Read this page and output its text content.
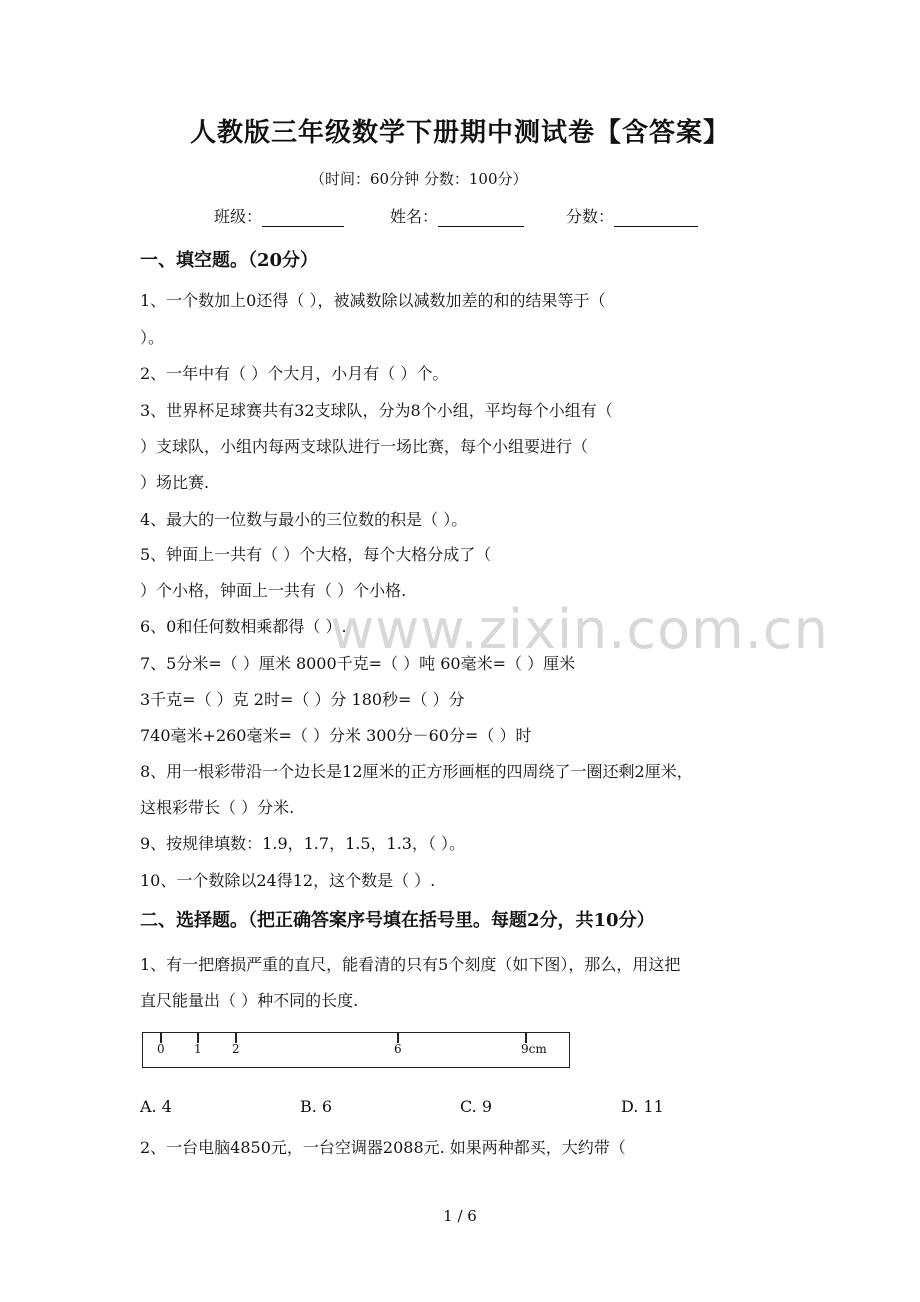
人教版三年级数学下册期中测试卷【含答案】
（时间：60分钟 分数：100分）
班级：	姓名：	分数：
www.zixin.com.cn
一、填空题。（20分）
1、一个数加上0还得（ ），被减数除以减数加差的和的结果等于（
）。
2、一年中有（ ）个大月，小月有（ ）个。
3、世界杯足球赛共有32支球队，分为8个小组，平均每个小组有（
）支球队，小组内每两支球队进行一场比赛，每个小组要进行（
）场比赛.
4、最大的一位数与最小的三位数的积是（ ）。
5、钟面上一共有（ ）个大格，每个大格分成了（
）个小格，钟面上一共有（ ）个小格.
6、0和任何数相乘都得（ ）.
7、5分米=（ ）厘米 8000千克=（ ）吨 60毫米=（ ）厘米
3千克=（ ）克 2时=（ ）分 180秒=（ ）分
740毫米+260毫米=（ ）分米 300分－60分=（ ）时
8、用一根彩带沿一个边长是12厘米的正方形画框的四周绕了一圈还剩2厘米，
这根彩带长（ ）分米.
9、按规律填数：1.9，1.7，1.5，1.3，（ ）。
10、一个数除以24得12，这个数是（ ）.
二、选择题。（把正确答案序号填在括号里。每题2分，共10分）
1、有一把磨损严重的直尺，能看清的只有5个刻度（如下图），那么，用这把
直尺能量出（ ）种不同的长度.
0 1	2	6	9cm
A. 4	B. 6	C. 9	D. 11
2、一台电脑4850元，一台空调器2088元. 如果两种都买，大约带（
1 / 6
